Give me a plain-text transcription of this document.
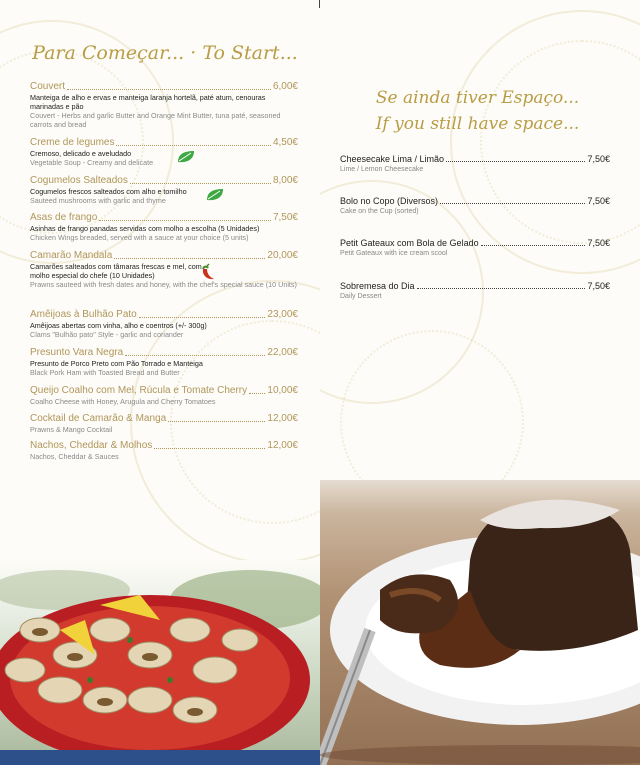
Para Começar... · To Start...
Couvert	6,00€
Manteiga de alho e ervas e manteiga laranja hortelã, paté atum, cenouras marinadas e pão
Couvert - Herbs and garlic Butter and Orange Mint Butter, tuna paté, seasoned carrots and bread
Creme de legumes	4,50€
Cremoso, delicado e aveludado
Vegetable Soup - Creamy and delicate
Cogumelos Salteados	8,00€
Cogumelos frescos salteados com alho e tomilho
Sauteed mushrooms with garlic and thyme
Asas de frango	7,50€
Asinhas de frango panadas servidas com molho a escolha (5 Unidades)
Chicken Wings breaded, served with a sauce at your choice (5 units)
Camarão Mandala	20,00€
Camarões salteados com tâmaras frescas e mel, com molho especial do chefe (10 Unidades)
Prawns sauteed with fresh dates and honey, with the chef's special sauce (10 Units)
Amêijoas à Bulhão Pato	23,00€
Amêijoas abertas com vinha, alho e coentros (+/- 300g)
Clams "Bulhão pato" Style - garlic and coriander
Presunto Vara Negra	22,00€
Presunto de Porco Preto com Pão Torrado e Manteiga
Black Pork Ham with Toasted Bread and Butter
Queijo Coalho com Mel, Rúcula e Tomate Cherry 10,00€
Coalho Cheese with Honey, Arugula and Cherry Tomatoes
Cocktail de Camarão & Manga	12,00€
Prawns & Mango Cocktail
Nachos, Cheddar & Molhos	12,00€
Nachos, Cheddar & Sauces
Se ainda tiver Espaço...
If you still have space...
Cheesecake Lima / Limão	7,50€
Lime / Lemon Cheesecake
Bolo no Copo (Diversos)	7,50€
Cake on the Cup (sorted)
Petit Gateaux com Bola de Gelado	7,50€
Petit Gateaux with ice cream scool
Sobremesa do Dia	7,50€
Daily Dessert
